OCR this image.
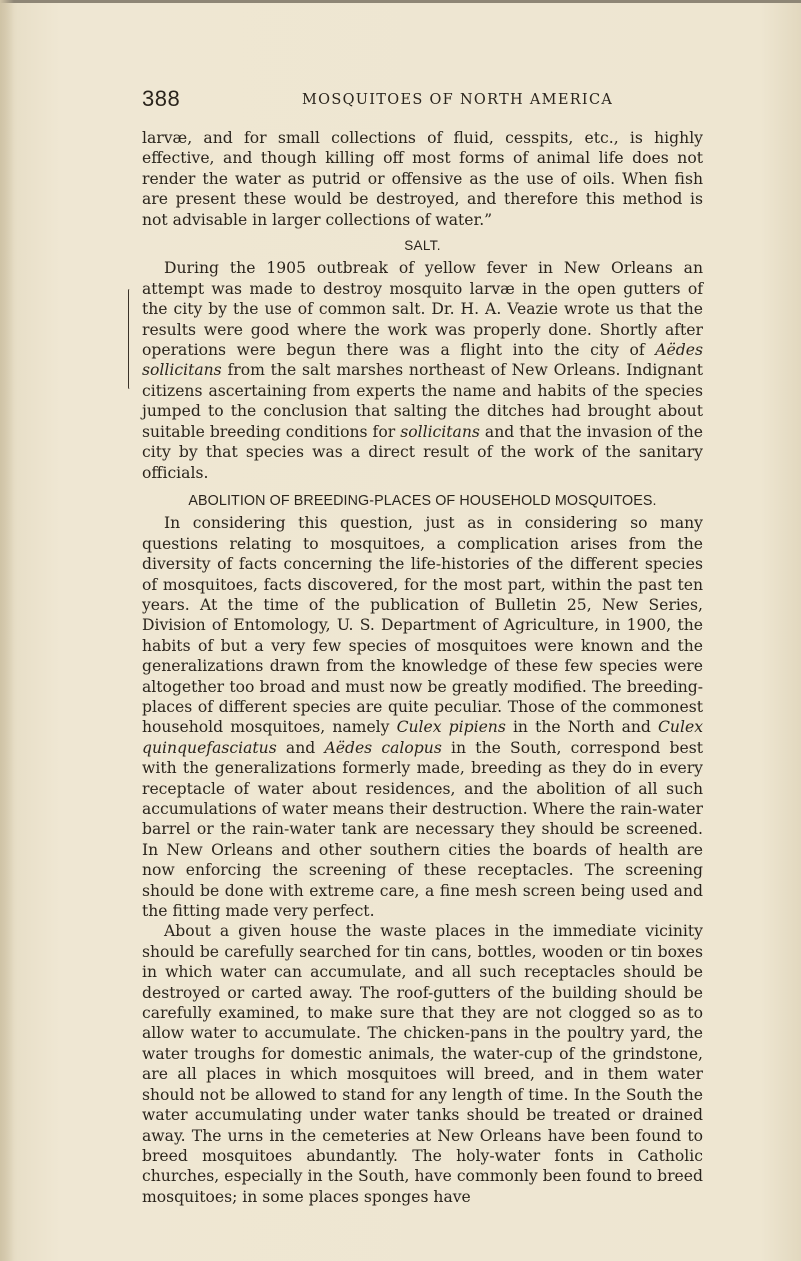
388	MOSQUITOES OF NORTH AMERICA

larvæ, and for small collections of fluid, cesspits, etc., is highly effective, and though killing off most forms of animal life does not render the water as putrid or offensive as the use of oils. When fish are present these would be destroyed, and therefore this method is not advisable in larger collections of water.”

SALT.

During the 1905 outbreak of yellow fever in New Orleans an attempt was made to destroy mosquito larvæ in the open gutters of the city by the use of common salt. Dr. H. A. Veazie wrote us that the results were good where the work was properly done. Shortly after operations were begun there was a flight into the city of Aëdes sollicitans from the salt marshes northeast of New Orleans. Indignant citizens ascertaining from experts the name and habits of the species jumped to the conclusion that salting the ditches had brought about suitable breeding conditions for sollicitans and that the invasion of the city by that species was a direct result of the work of the sanitary officials.

ABOLITION OF BREEDING-PLACES OF HOUSEHOLD MOSQUITOES.

In considering this question, just as in considering so many questions relating to mosquitoes, a complication arises from the diversity of facts concerning the life-histories of the different species of mosquitoes, facts discovered, for the most part, within the past ten years. At the time of the publication of Bulletin 25, New Series, Division of Entomology, U. S. Department of Agriculture, in 1900, the habits of but a very few species of mosquitoes were known and the generalizations drawn from the knowledge of these few species were altogether too broad and must now be greatly modified. The breeding-places of different species are quite peculiar. Those of the commonest household mosquitoes, namely Culex pipiens in the North and Culex quinquefasciatus and Aëdes calopus in the South, correspond best with the generalizations formerly made, breeding as they do in every receptacle of water about residences, and the abolition of all such accumulations of water means their destruction. Where the rain-water barrel or the rain-water tank are necessary they should be screened. In New Orleans and other southern cities the boards of health are now enforcing the screening of these receptacles. The screening should be done with extreme care, a fine mesh screen being used and the fitting made very perfect.

About a given house the waste places in the immediate vicinity should be carefully searched for tin cans, bottles, wooden or tin boxes in which water can accumulate, and all such receptacles should be destroyed or carted away. The roof-gutters of the building should be carefully examined, to make sure that they are not clogged so as to allow water to accumulate. The chicken-pans in the poultry yard, the water troughs for domestic animals, the water-cup of the grindstone, are all places in which mosquitoes will breed, and in them water should not be allowed to stand for any length of time. In the South the water accumulating under water tanks should be treated or drained away. The urns in the cemeteries at New Orleans have been found to breed mosquitoes abundantly. The holy-water fonts in Catholic churches, especially in the South, have commonly been found to breed mosquitoes; in some places sponges have
